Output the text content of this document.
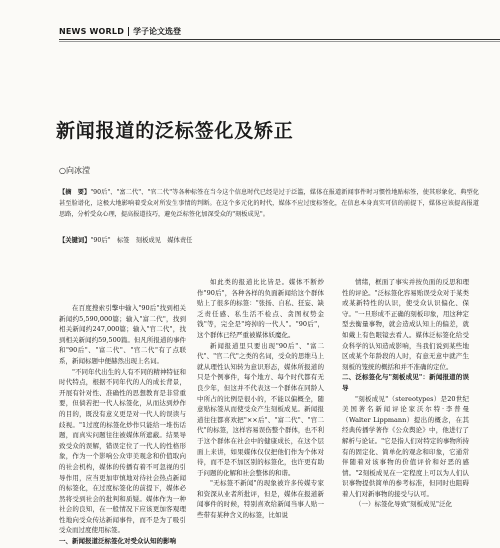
NEWS WORLD 学子论文选登
新闻报道的泛标签化及矫正
○向冰滢
【摘　要】"90后"、"富二代"、"官二代"等各种标签在当今这个信息时代已经是过于泛滥，媒体在报道新闻事件时习惯性地贴标签，使其形象化、典型化甚至脸谱化，这极大地影响着受众对所发生事情的判断。在这个多元化的时代，媒体不应过度标签化，在信息本身真实可信的前提下，媒体应该提高报道思路，分析受众心理，提高报道技巧，避免泛标签化加深受众的"刻板成见"。
【关键词】"90后"　标签　刻板成见　媒体责任

在百度搜索引擎中输入"90后"找到相关新闻约5,590,000篇；输入"富二代"，找到相关新闻约247,000篇；输入"官二代"，找到相关新闻约59,500篇。但凡所报道的事件和"90后"、"富二代"、"官二代"有了点联系，新闻标题中便赫然出现上名词。

"不同年代出生的人有不同的精神特征和时代特点，根据不同年代的人的成长背景，开展有针对性、准确性的思想教育是非常重要，但倘若把一代人标签化，从而达到炒作的目的，既没有意义更是对一代人的误读与歧视。"1过度的标签化炒作只能给一堆伤话题，而真实问题往往被媒体所遮蔽。结果导致受众的误解，错误定位了一代人的性格形象，作为一个影响公众审美观念和价值取向的社会机构，媒体的传播有着不可忽视的引导作用，应当更加审慎地对待社会热点新闻的标签化，在过度标签化的前提下，媒体必然将受到社会的批判和质疑。媒体作为一种社会的良知，在一般情况下应该更加客观理性地向受众传达新闻事件，而不是为了吸引受众而过度使用标签。

一、新闻报道泛标签化对受众认知的影响

如此类的报道比比皆是。媒体不断炒作"90后"，各种各样的负面新闻给这个群体贴上了很多的标签："张扬、自私、狂妄、缺乏责任感、私生活不检点、贪图权势金钱"等，完全是"垮掉的一代人"。"90后"，这个群体已经严重被媒体妖魔化。

新闻报道里只要出现"90后"、"富二代"、"官二代"之类的名词，受众的思维马上就从理性认知转为意识形态，媒体所报道的只是个例事件，每个地方、每个时代都有无良少年，但这并不代表这一个群体在同龄人中所占的比例是很小的，不能以偏概全，随意贴标签从而使受众产生刻板成见。新闻报道往往都喜欢把"××后"、"富二代"、"官二代"的标签，这样容易误伤整个群体，也不利于这个群体在社会中的健康成长，在这个层面上来讲，如果媒体仅仅把他们作为个体对待，而不是不加区别的标签化，也许更有助于问题的化解和社会整体的和谐。

"无标签不新闻"的现象被许多传媒专家和资深从业者所批评，但是，媒体在报道新闻事件的时候，特别喜欢给新闻当事人贴一些带有某种含义的标签，比如说

情绪，框面了事实并按负面的反思和理性的评论。"泛标签化容易贻误受众对于某类或某新特性的认识，使受众认识偏化、保守。"一旦形成不正确的刻板印象，用这种定型去衡量事物，就会造成认知上的偏差，就如戴上有色眼镜去看人。媒体泛标签化给受众科学的认知造成影响，当我们说到某些地区或某个年龄段的人时，有意无意中就产生刻板的笼统的概括和并不准确的定位。

二、泛标签化与"刻板成见"：新闻报道的误导

"刻板成见"（stereotypes）是20世纪美国著名新闻评论家沃尔特·李普曼（Walter Lippmann）提出的概念，在其经典传播学著作《公众舆论》中，他进行了解析与论证。"它是指人们对特定的事物所持有的固定化、简单化的观念和印象，它通常伴随着对该事物的价值评价和好恶的感情。"2刻板成见在一定程度上可以为人们认识事物提供简单的参考标准，但同时也阻碍着人们对新事物的接受与认可。

（一）标签化导致"刻板成见"泛化
